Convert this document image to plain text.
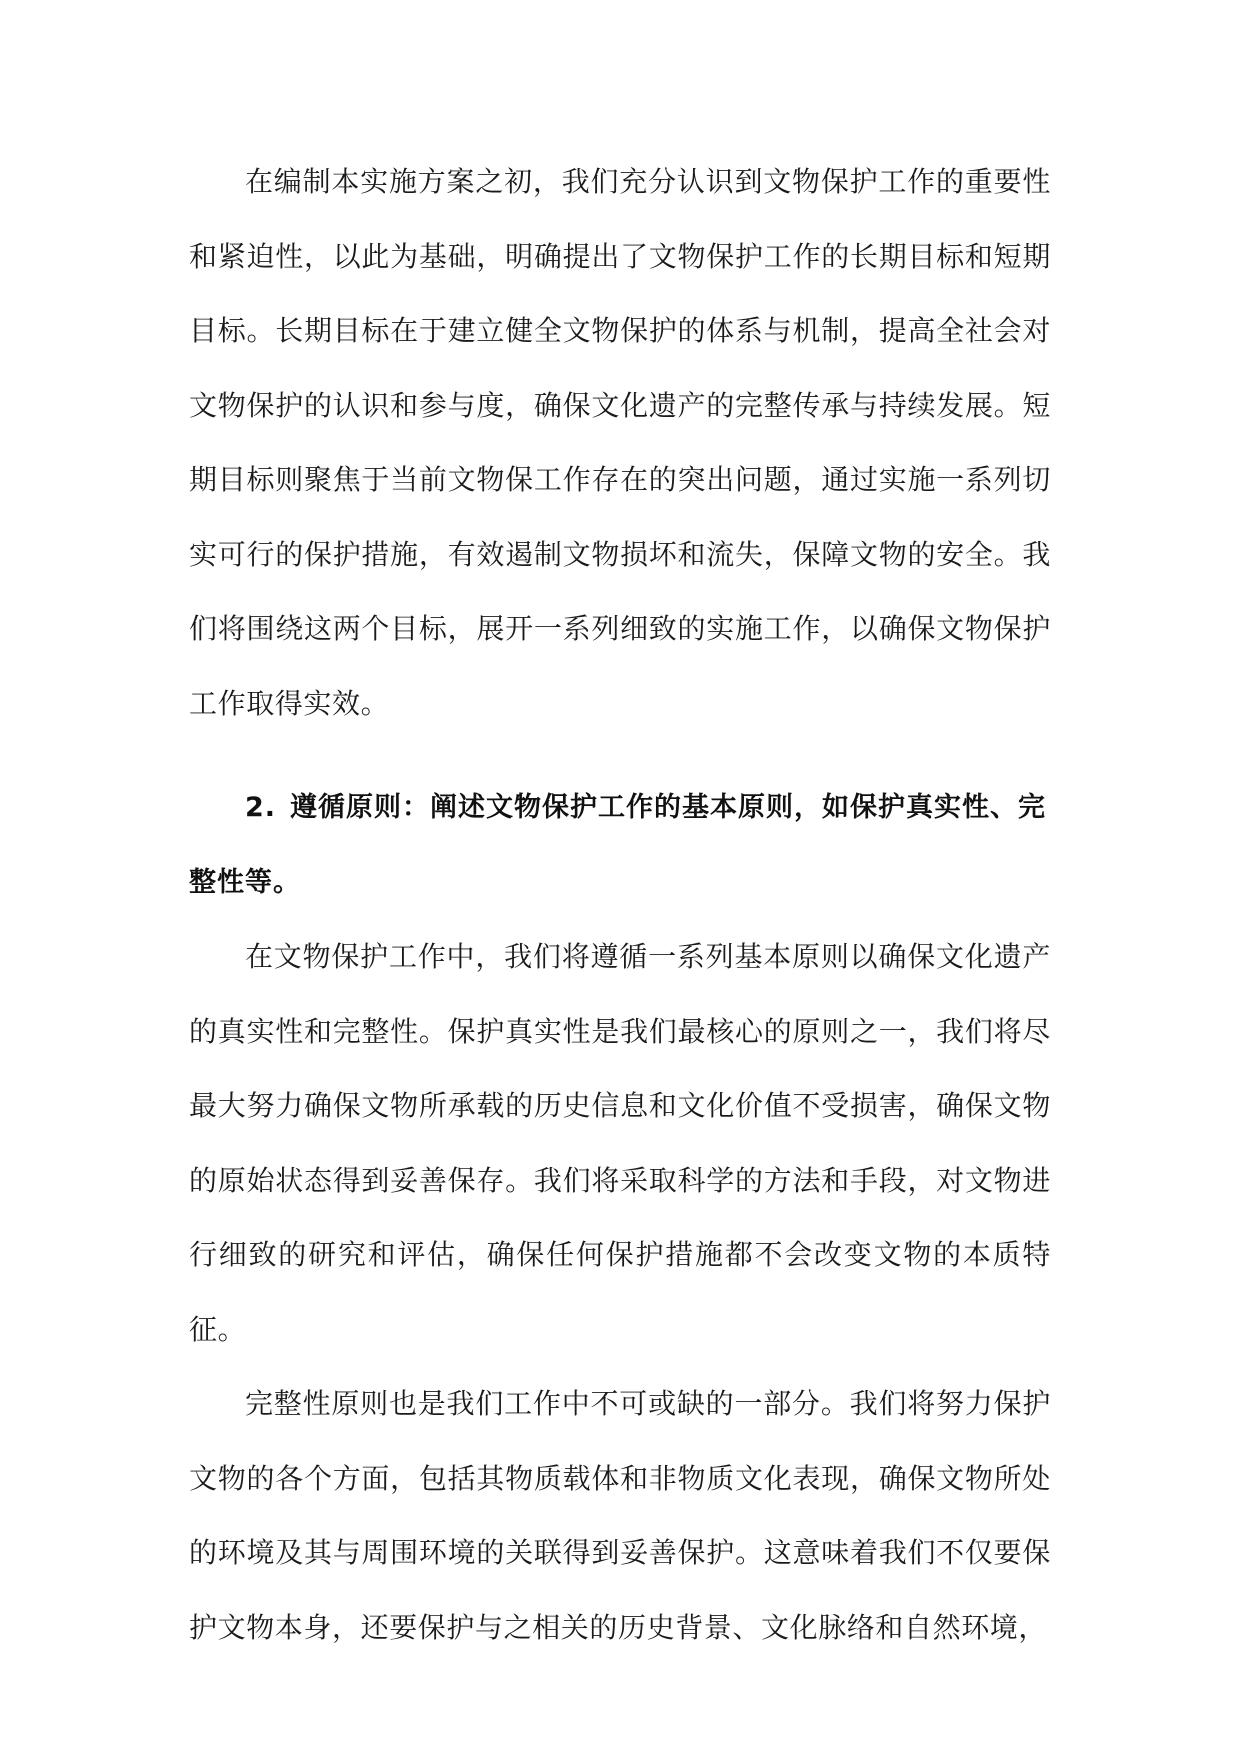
在编制本实施方案之初，我们充分认识到文物保护工作的重要性和紧迫性，以此为基础，明确提出了文物保护工作的长期目标和短期目标。长期目标在于建立健全文物保护的体系与机制，提高全社会对文物保护的认识和参与度，确保文化遗产的完整传承与持续发展。短期目标则聚焦于当前文物保工作存在的突出问题，通过实施一系列切实可行的保护措施，有效遏制文物损坏和流失，保障文物的安全。我们将围绕这两个目标，展开一系列细致的实施工作，以确保文物保护工作取得实效。

2. 遵循原则：阐述文物保护工作的基本原则，如保护真实性、完整性等。

在文物保护工作中，我们将遵循一系列基本原则以确保文化遗产的真实性和完整性。保护真实性是我们最核心的原则之一，我们将尽最大努力确保文物所承载的历史信息和文化价值不受损害，确保文物的原始状态得到妥善保存。我们将采取科学的方法和手段，对文物进行细致的研究和评估，确保任何保护措施都不会改变文物的本质特征。

完整性原则也是我们工作中不可或缺的一部分。我们将努力保护文物的各个方面，包括其物质载体和非物质文化表现，确保文物所处的环境及其与周围环境的关联得到妥善保护。这意味着我们不仅要保护文物本身，还要保护与之相关的历史背景、文化脉络和自然环境，
